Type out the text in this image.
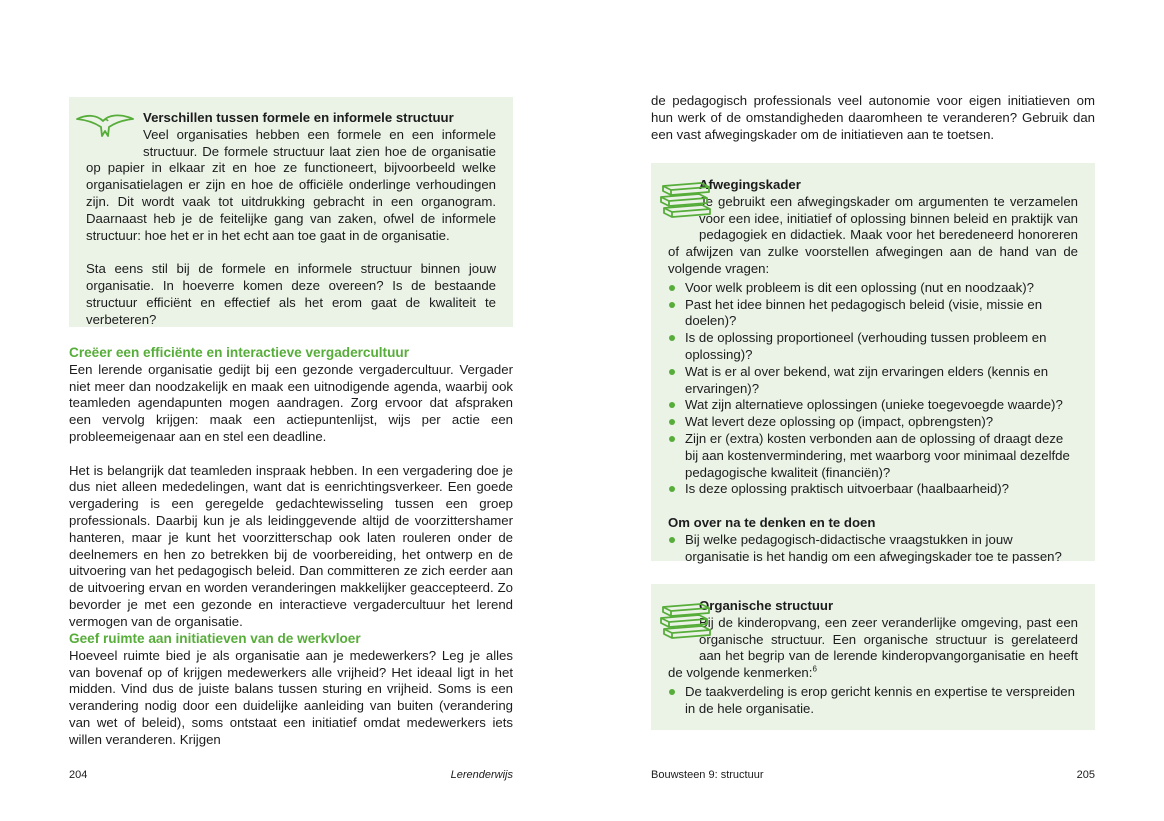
Verschillen tussen formele en informele structuur

Veel organisaties hebben een formele en een informele structuur. De formele structuur laat zien hoe de organisatie op papier in elkaar zit en hoe ze functioneert, bijvoorbeeld welke organisatielagen er zijn en hoe de officiële onderlinge verhoudingen zijn. Dit wordt vaak tot uitdrukking gebracht in een organogram. Daarnaast heb je de feitelijke gang van zaken, ofwel de informele structuur: hoe het er in het echt aan toe gaat in de organisatie.

Sta eens stil bij de formele en informele structuur binnen jouw organisatie. In hoeverre komen deze overeen? Is de bestaande structuur efficiënt en effectief als het erom gaat de kwaliteit te verbeteren?

Creëer een efficiënte en interactieve vergadercultuur

Een lerende organisatie gedijt bij een gezonde vergadercultuur. Vergader niet meer dan noodzakelijk en maak een uitnodigende agenda, waarbij ook teamleden agendapunten mogen aandragen. Zorg ervoor dat afspraken een vervolg krijgen: maak een actiepuntenlijst, wijs per actie een probleemeigenaar aan en stel een deadline.

Het is belangrijk dat teamleden inspraak hebben. In een vergadering doe je dus niet alleen mededelingen, want dat is eenrichtingsverkeer. Een goede vergadering is een geregelde gedachtewisseling tussen een groep professionals. Daarbij kun je als leidinggevende altijd de voorzittershamer hanteren, maar je kunt het voorzitterschap ook laten rouleren onder de deelnemers en hen zo betrekken bij de voorbereiding, het ontwerp en de uitvoering van het pedagogisch beleid. Dan committeren ze zich eerder aan de uitvoering ervan en worden veranderingen makkelijker geaccepteerd. Zo bevorder je met een gezonde en interactieve vergadercultuur het lerend vermogen van de organisatie.

Geef ruimte aan initiatieven van de werkvloer

Hoeveel ruimte bied je als organisatie aan je medewerkers? Leg je alles van bovenaf op of krijgen medewerkers alle vrijheid? Het ideaal ligt in het midden. Vind dus de juiste balans tussen sturing en vrijheid. Soms is een verandering nodig door een duidelijke aanleiding van buiten (verandering van wet of beleid), soms ontstaat een initiatief omdat medewerkers iets willen veranderen. Krijgen

204	Lerenderwijs

de pedagogisch professionals veel autonomie voor eigen initiatieven om hun werk of de omstandigheden daaromheen te veranderen? Gebruik dan een vast afwegingskader om de initiatieven aan te toetsen.

Afwegingskader

Je gebruikt een afwegingskader om argumenten te verzamelen voor een idee, initiatief of oplossing binnen beleid en praktijk van pedagogiek en didactiek. Maak voor het beredeneerd honoreren of afwijzen van zulke voorstellen afwegingen aan de hand van de volgende vragen:

Voor welk probleem is dit een oplossing (nut en noodzaak)?
Past het idee binnen het pedagogisch beleid (visie, missie en doelen)?
Is de oplossing proportioneel (verhouding tussen probleem en oplossing)?
Wat is er al over bekend, wat zijn ervaringen elders (kennis en ervaringen)?
Wat zijn alternatieve oplossingen (unieke toegevoegde waarde)?
Wat levert deze oplossing op (impact, opbrengsten)?
Zijn er (extra) kosten verbonden aan de oplossing of draagt deze bij aan kostenvermindering, met waarborg voor minimaal dezelfde pedagogische kwaliteit (financiën)?
Is deze oplossing praktisch uitvoerbaar (haalbaarheid)?

Om over na te denken en te doen

Bij welke pedagogisch-didactische vraagstukken in jouw organisatie is het handig om een afwegingskader toe te passen?

Organische structuur

Bij de kinderopvang, een zeer veranderlijke omgeving, past een organische structuur. Een organische structuur is gerelateerd aan het begrip van de lerende kinderopvangorganisatie en heeft de volgende kenmerken:$^6$

De taakverdeling is erop gericht kennis en expertise te verspreiden in de hele organisatie.
Bouwsteen 9: structuur	205
